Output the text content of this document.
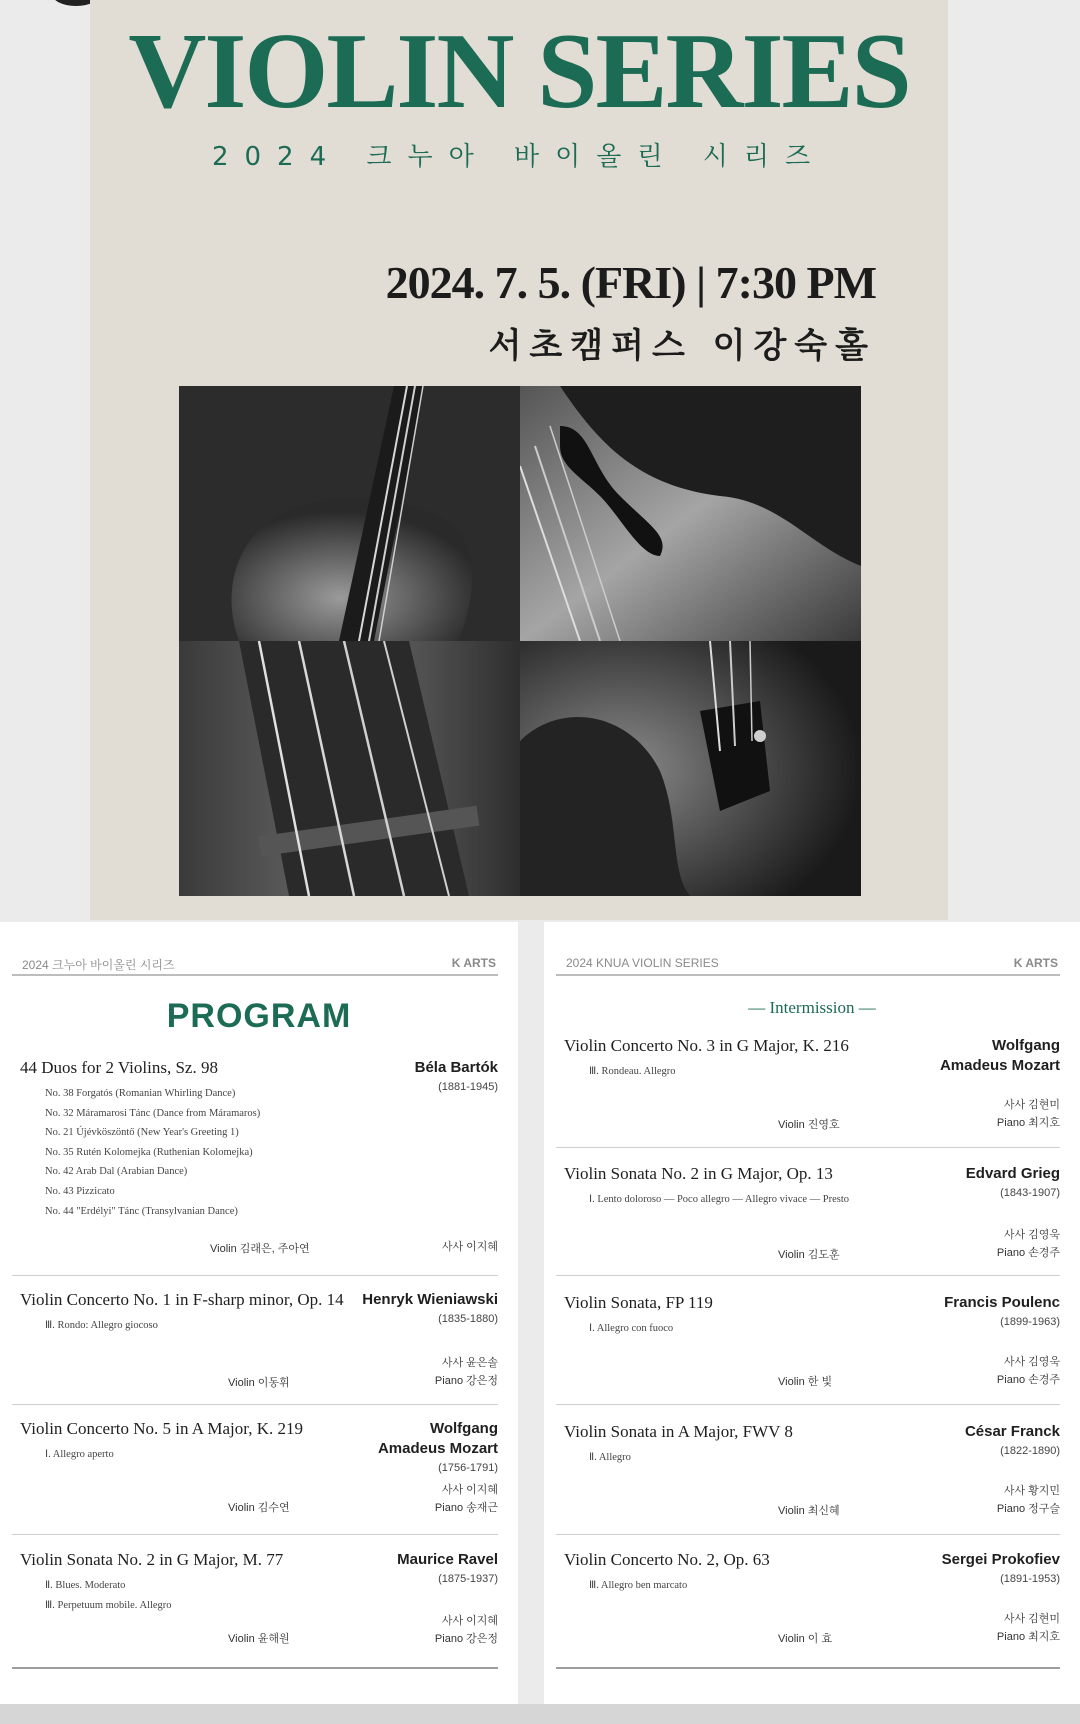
VIOLIN SERIES
2024 크누아 바이올린 시리즈
2024. 7. 5. (FRI) | 7:30 PM
서초캠퍼스 이강숙홀
2024 크누아 바이올린 시리즈	K ARTS
PROGRAM
44 Duos for 2 Violins, Sz. 98	Béla Bartók
(1881-1945)
No. 38 Forgatós (Romanian Whirling Dance)
No. 32 Máramarosi Tánc (Dance from Máramaros)
No. 21 Újévköszöntő (New Year's Greeting 1)
No. 35 Rutén Kolomejka (Ruthenian Kolomejka)
No. 42 Arab Dal (Arabian Dance)
No. 43 Pizzicato
No. 44 "Erdélyi" Tánc (Transylvanian Dance)
Violin 김래은, 주아연	사사 이지혜
Violin Concerto No. 1 in F-sharp minor, Op. 14 Henryk Wieniawski
(1835-1880)
Ⅲ. Rondo: Allegro giocoso
Violin 이동휘
사사 윤은솔
Piano 강은정
Violin Concerto No. 5 in A Major, K. 219	Wolfgang
Amadeus Mozart
(1756-1791)
Ⅰ. Allegro aperto
Violin 김수연
사사 이지혜
Piano 송재근
Violin Sonata No. 2 in G Major, M. 77	Maurice Ravel
(1875-1937)
Ⅱ. Blues. Moderato
Ⅲ. Perpetuum mobile. Allegro
Violin 윤해원
사사 이지혜
Piano 강은정
2024 KNUA VIOLIN SERIES	K ARTS
— Intermission —
Violin Concerto No. 3 in G Major, K. 216	Wolfgang
Amadeus Mozart
Ⅲ. Rondeau. Allegro
Violin 진영호
사사 김현미
Piano 최지호
Violin Sonata No. 2 in G Major, Op. 13	Edvard Grieg
(1843-1907)
Ⅰ. Lento doloroso — Poco allegro — Allegro vivace — Presto
Violin 김도훈
사사 김영욱
Piano 손경주
Violin Sonata, FP 119	Francis Poulenc
(1899-1963)
Ⅰ. Allegro con fuoco
Violin 한 빛
사사 김영욱
Piano 손경주
Violin Sonata in A Major, FWV 8	César Franck
(1822-1890)
Ⅱ. Allegro
Violin 최신혜
사사 황지민
Piano 정구슬
Violin Concerto No. 2, Op. 63	Sergei Prokofiev
(1891-1953)
Ⅲ. Allegro ben marcato
Violin 이 효
사사 김현미
Piano 최지호
